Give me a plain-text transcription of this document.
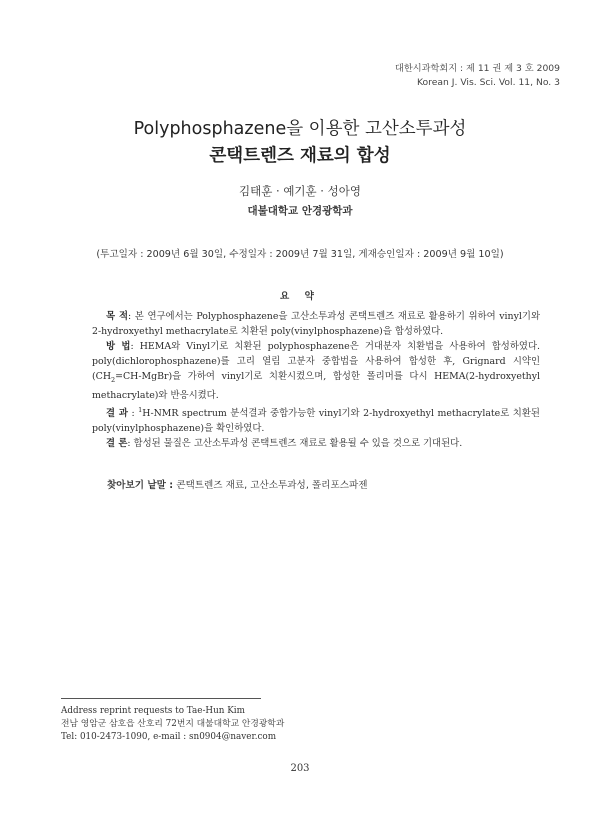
대한시과학회지 : 제 11 권 제 3 호 2009
Korean J. Vis. Sci. Vol. 11, No. 3
Polyphosphazene을 이용한 고산소투과성
콘택트렌즈 재료의 합성
김태훈 · 예기훈 · 성아영
대불대학교 안경광학과
(투고일자 : 2009년 6월 30일, 수정일자 : 2009년 7월 31일, 게재승인일자 : 2009년 9월 10일)
요 약

목 적: 본 연구에서는 Polyphosphazene을 고산소투과성 콘택트렌즈 재료로 활용하기 위하여 vinyl기와 2-hydroxyethyl methacrylate로 치환된 poly(vinylphosphazene)을 합성하였다.

방 법: HEMA와 Vinyl기로 치환된 polyphosphazene은 거대분자 치환법을 사용하여 합성하였다. poly(dichlorophosphazene)를 고리 열림 고분자 중합법을 사용하여 합성한 후, Grignard 시약인 $(CH_2=CH-MgBr)$을 가하여 vinyl기로 치환시켰으며, 합성한 폴리머를 다시 HEMA(2-hydroxyethyl methacrylate)와 반응시켰다.

결 과 : $^1$H-NMR spectrum 분석결과 중합가능한 vinyl기와 2-hydroxyethyl methacrylate로 치환된 poly(vinylphosphazene)을 확인하였다.

결 론: 합성된 물질은 고산소투과성 콘택트렌즈 재료로 활용될 수 있을 것으로 기대된다.

찾아보기 낱말 : 콘택트렌즈 재료, 고산소투과성, 폴리포스파젠
Address reprint requests to Tae-Hun Kim
전남 영암군 삼호읍 산호리 72번지 대불대학교 안경광학과
Tel: 010-2473-1090, e-mail : sn0904@naver.com
203
